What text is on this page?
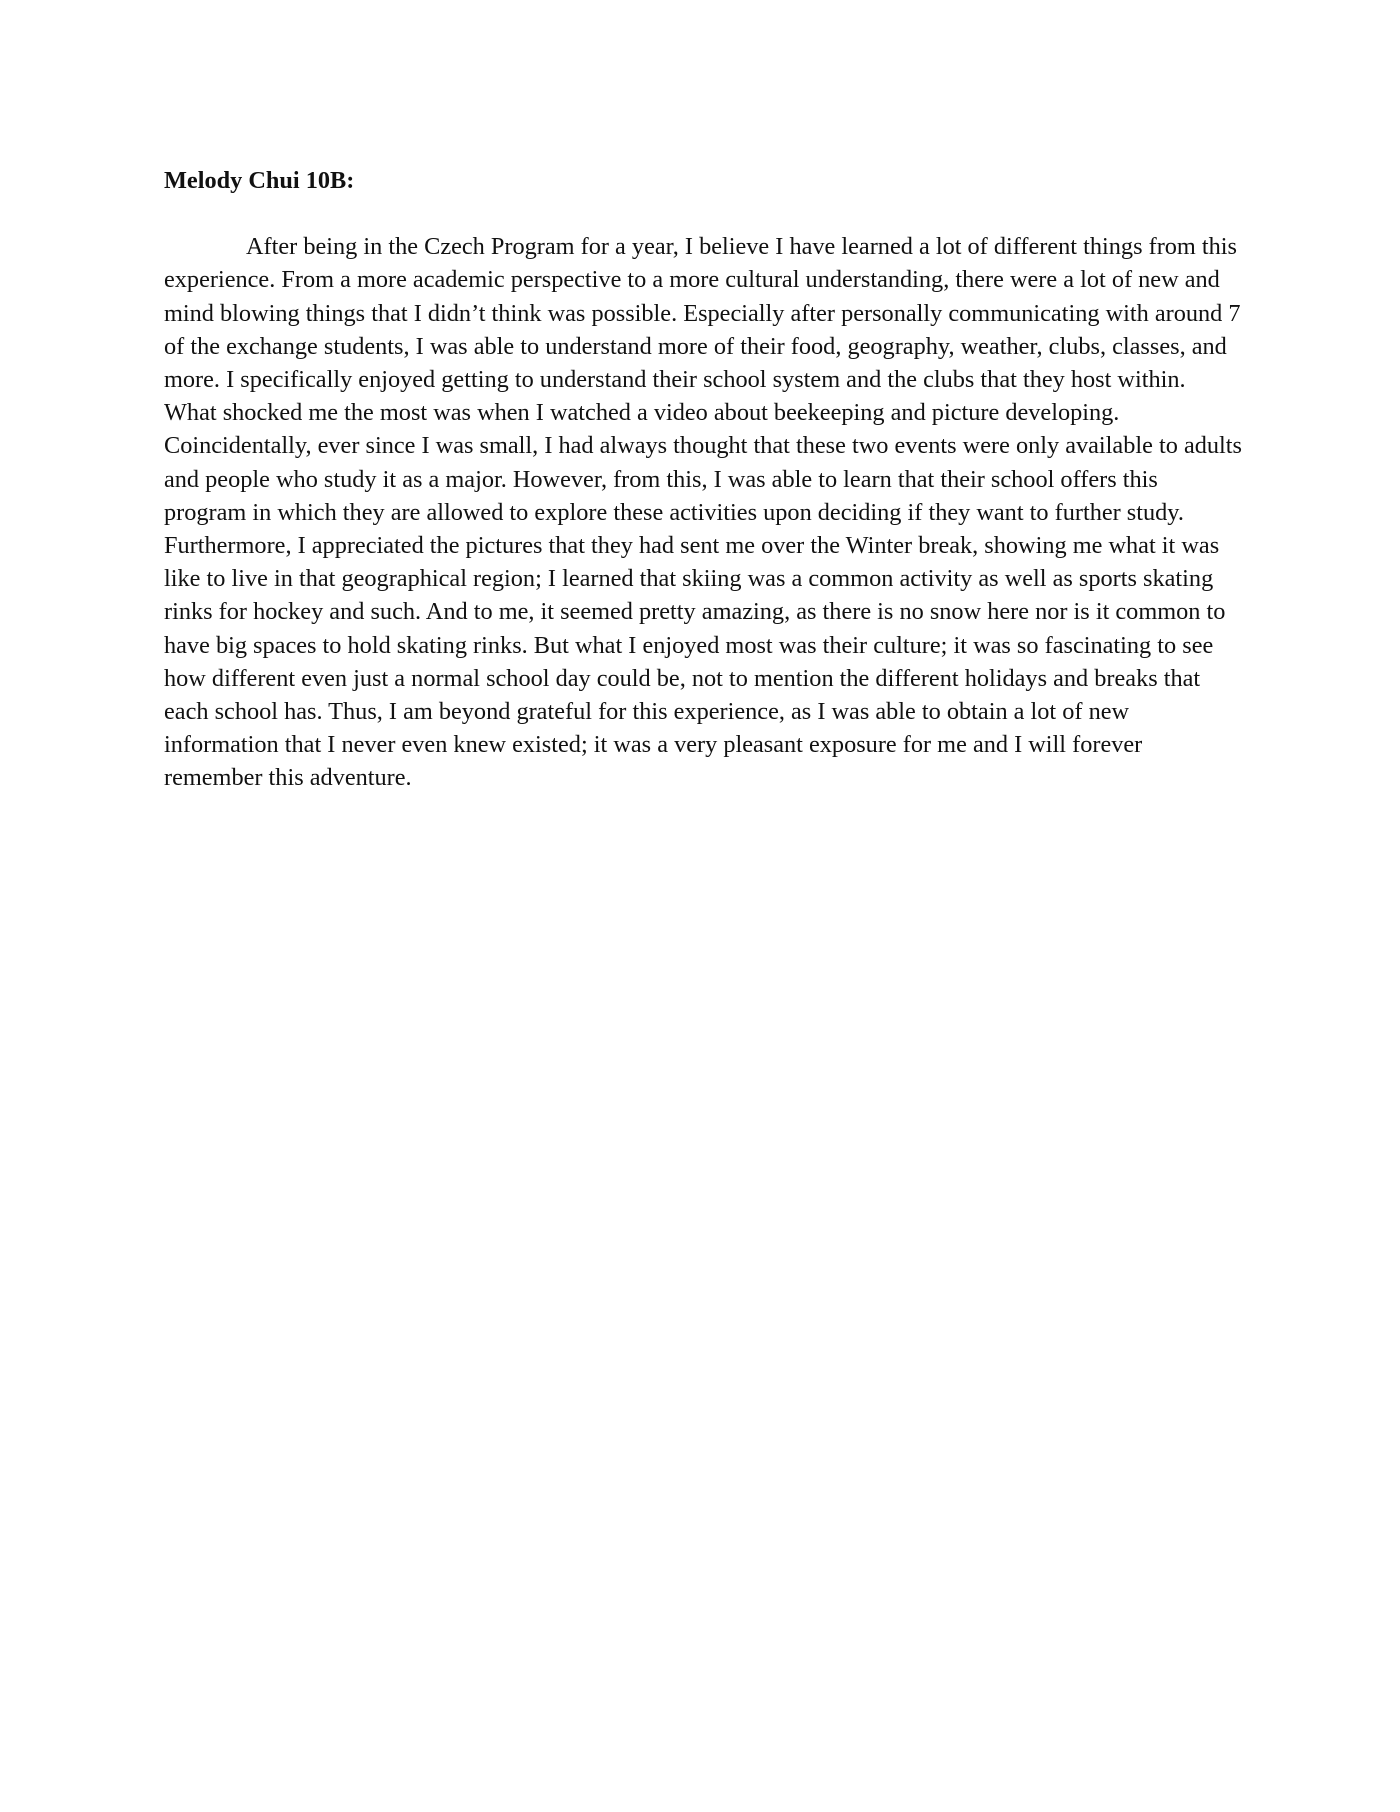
Melody Chui 10B:

After being in the Czech Program for a year, I believe I have learned a lot of different things from this experience. From a more academic perspective to a more cultural understanding, there were a lot of new and mind blowing things that I didn’t think was possible. Especially after personally communicating with around 7 of the exchange students, I was able to understand more of their food, geography, weather, clubs, classes, and more. I specifically enjoyed getting to understand their school system and the clubs that they host within. What shocked me the most was when I watched a video about beekeeping and picture developing. Coincidentally, ever since I was small, I had always thought that these two events were only available to adults and people who study it as a major. However, from this, I was able to learn that their school offers this program in which they are allowed to explore these activities upon deciding if they want to further study. Furthermore, I appreciated the pictures that they had sent me over the Winter break, showing me what it was like to live in that geographical region; I learned that skiing was a common activity as well as sports skating rinks for hockey and such. And to me, it seemed pretty amazing, as there is no snow here nor is it common to have big spaces to hold skating rinks. But what I enjoyed most was their culture; it was so fascinating to see how different even just a normal school day could be, not to mention the different holidays and breaks that each school has. Thus, I am beyond grateful for this experience, as I was able to obtain a lot of new information that I never even knew existed; it was a very pleasant exposure for me and I will forever remember this adventure.
